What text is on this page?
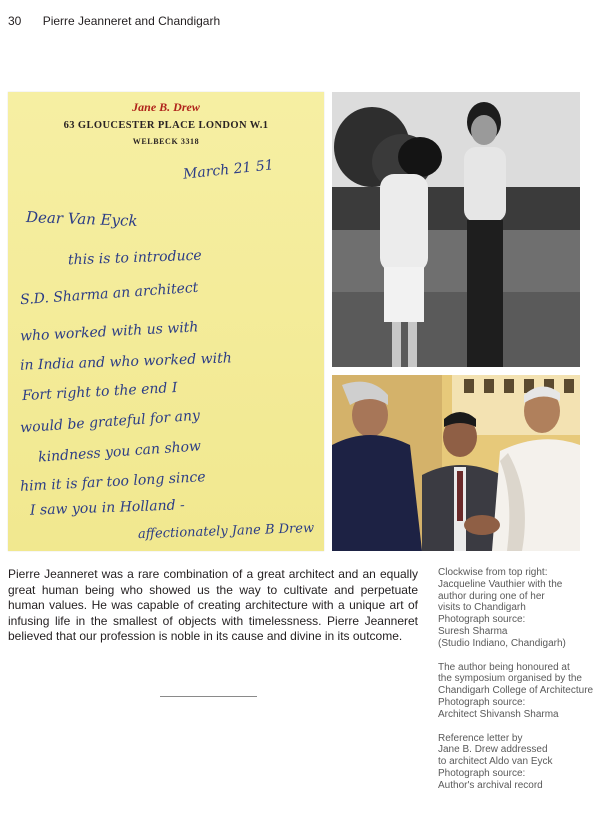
30 Pierre Jeanneret and Chandigarh
Jane B. Drew
63 GLOUCESTER PLACE LONDON W.1
WELBECK 3318
March 21 51
Dear Van Eyck
this is to introduce
S.D. Sharma an architect
who worked with us with
in India and who worked with
Fort right to the end I
would be grateful for any
kindness you can show
him it is far too long since
I saw you in Holland -
affectionately Jane B Drew
Pierre Jeanneret was a rare combination of a great architect and an equally great human being who showed us the way to cultivate and perpetuate human values. He was capable of creating architecture with a unique art of infusing life in the smallest of objects with timelessness. Pierre Jeanneret believed that our profession is noble in its cause and divine in its outcome.

Clockwise from top right:

Jacqueline Vauthier with the

author during one of her

visits to Chandigarh

Photograph source:

Suresh Sharma

(Studio Indiano, Chandigarh)

The author being honoured at

the symposium organised by the

Chandigarh College of Architecture

Photograph source:

Architect Shivansh Sharma

Reference letter by

Jane B. Drew addressed

to architect Aldo van Eyck

Photograph source:

Author's archival record
